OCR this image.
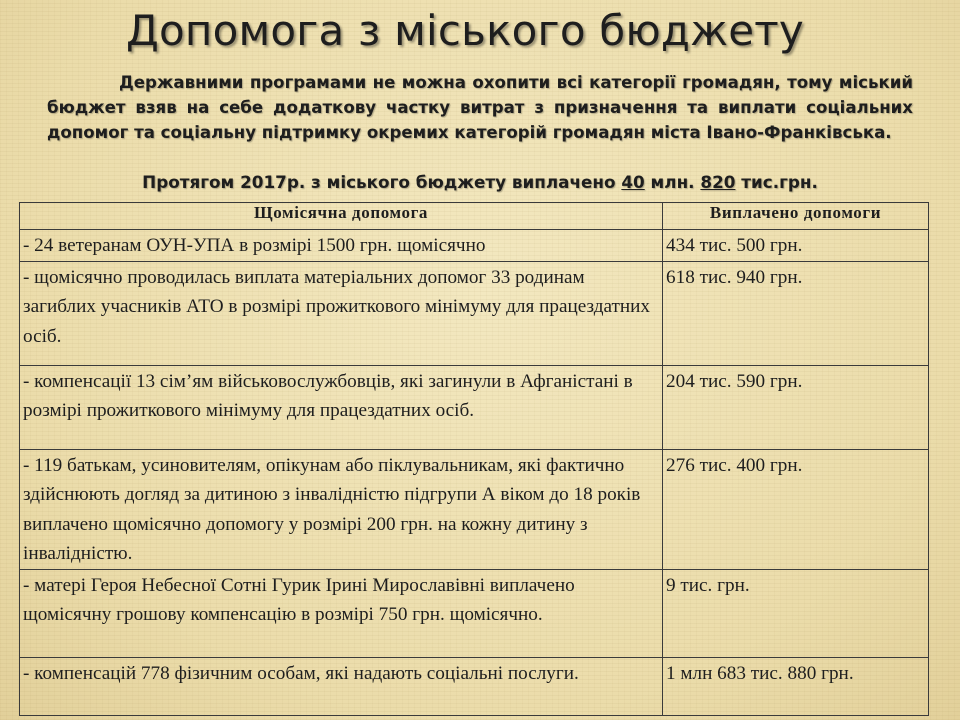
Допомога з міського бюджету

Державними програмами не можна охопити всі категорії громадян, тому міський бюджет взяв на себе додаткову частку витрат з призначення та виплати соціальних допомог та соціальну підтримку окремих категорій громадян міста Івано-Франківська.

Протягом 2017р. з міського бюджету виплачено 40 млн. 820 тис.грн.

Щомісячна допомога	Виплачено допомоги
- 24 ветеранам ОУН-УПА в розмірі 1500 грн. щомісячно	434 тис. 500 грн.
- щомісячно проводилась виплата матеріальних допомог 33 родинам загиблих учасників АТО в розмірі прожиткового мінімуму для працездатних осіб.	618 тис. 940 грн.

- компенсації 13 сім’ям військовослужбовців, які загинули в Афганістані в розмірі прожиткового мінімуму для працездатних осіб.	204 тис. 590 грн.
- 119 батькам, усиновителям, опікунам або піклувальникам, які фактично здійснюють догляд за дитиною з інвалідністю підгрупи А віком до 18 років виплачено щомісячно допомогу у розмірі 200 грн. на кожну дитину з інвалідністю.	276 тис. 400 грн.
- матері Героя Небесної Сотні Гурик Ірині Мирославівні виплачено щомісячну грошову компенсацію в розмірі 750 грн. щомісячно.	9 тис. грн.
- компенсацій 778 фізичним особам, які надають соціальні послуги.	1 млн 683 тис. 880 грн.
